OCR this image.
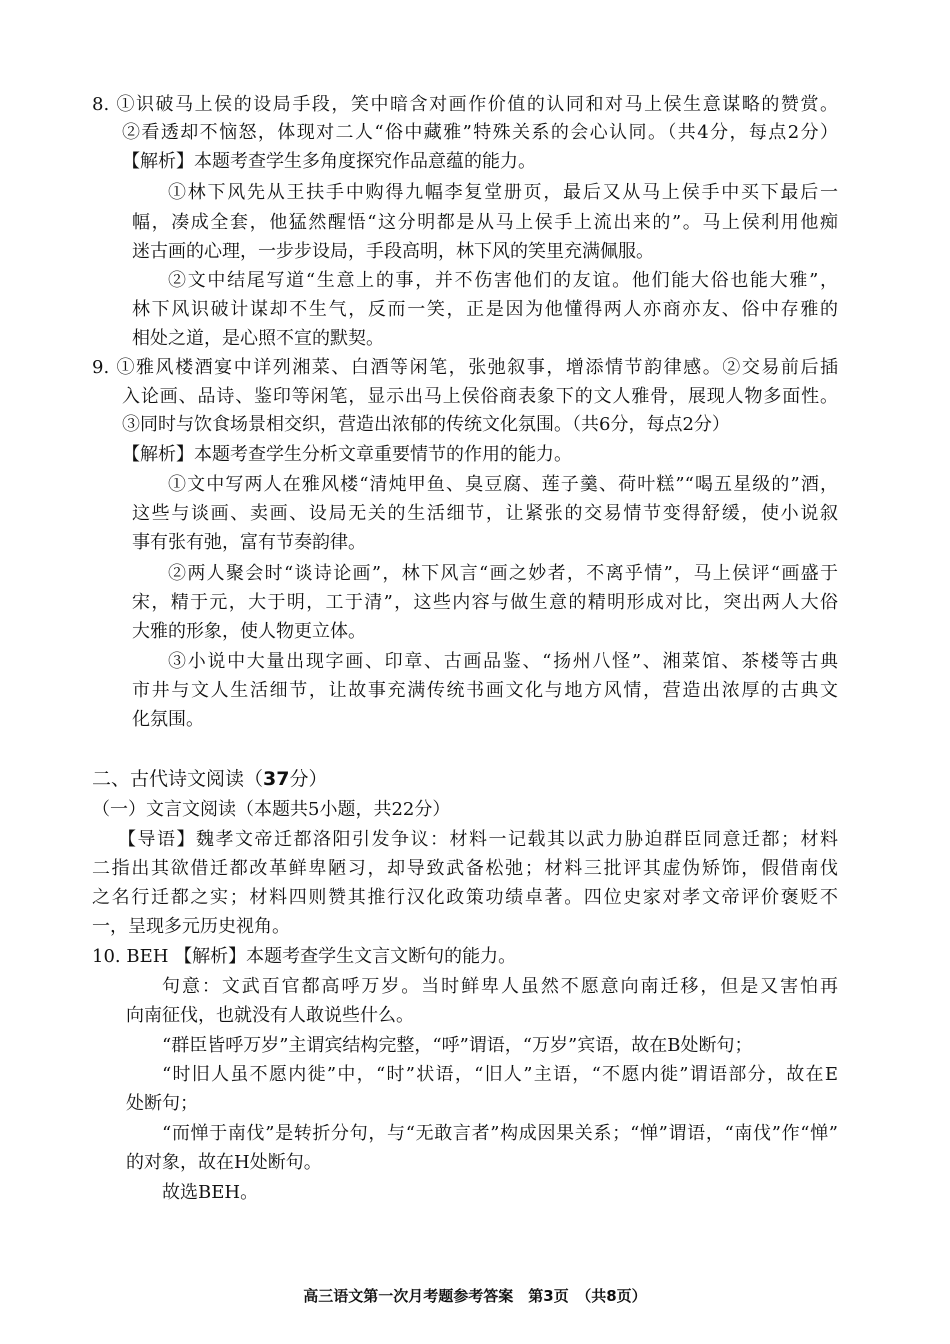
8. ①识破马上侯的设局手段，笑中暗含对画作价值的认同和对马上侯生意谋略的赞赏。
②看透却不恼怒，体现对二人“俗中藏雅”特殊关系的会心认同。（共4分，每点2分）
【解析】本题考查学生多角度探究作品意蕴的能力。
①林下风先从王扶手中购得九幅李复堂册页，最后又从马上侯手中买下最后一
幅，凑成全套，他猛然醒悟“这分明都是从马上侯手上流出来的”。马上侯利用他痴
迷古画的心理，一步步设局，手段高明，林下风的笑里充满佩服。
②文中结尾写道“生意上的事，并不伤害他们的友谊。他们能大俗也能大雅”，
林下风识破计谋却不生气，反而一笑，正是因为他懂得两人亦商亦友、俗中存雅的
相处之道，是心照不宣的默契。
9. ①雅风楼酒宴中详列湘菜、白酒等闲笔，张弛叙事，增添情节韵律感。②交易前后插
入论画、品诗、鉴印等闲笔，显示出马上侯俗商表象下的文人雅骨，展现人物多面性。
③同时与饮食场景相交织，营造出浓郁的传统文化氛围。（共6分，每点2分）
【解析】本题考查学生分析文章重要情节的作用的能力。
①文中写两人在雅风楼“清炖甲鱼、臭豆腐、莲子羹、荷叶糕”“喝五星级的”酒，
这些与谈画、卖画、设局无关的生活细节，让紧张的交易情节变得舒缓，使小说叙
事有张有弛，富有节奏韵律。
②两人聚会时“谈诗论画”，林下风言“画之妙者，不离乎情”，马上侯评“画盛于
宋，精于元，大于明，工于清”，这些内容与做生意的精明形成对比，突出两人大俗
大雅的形象，使人物更立体。
③小说中大量出现字画、印章、古画品鉴、“扬州八怪”、湘菜馆、茶楼等古典
市井与文人生活细节，让故事充满传统书画文化与地方风情，营造出浓厚的古典文
化氛围。
二、古代诗文阅读（37分）
（一）文言文阅读（本题共5小题，共22分）
【导语】魏孝文帝迁都洛阳引发争议：材料一记载其以武力胁迫群臣同意迁都；材料
二指出其欲借迁都改革鲜卑陋习，却导致武备松弛；材料三批评其虚伪矫饰，假借南伐
之名行迁都之实；材料四则赞其推行汉化政策功绩卓著。四位史家对孝文帝评价褒贬不
一，呈现多元历史视角。
10. BEH 【解析】本题考查学生文言文断句的能力。
句意：文武百官都高呼万岁。当时鲜卑人虽然不愿意向南迁移，但是又害怕再
向南征伐，也就没有人敢说些什么。
“群臣皆呼万岁”主谓宾结构完整，“呼”谓语，“万岁”宾语，故在B处断句；
“时旧人虽不愿内徙”中，“时”状语，“旧人”主语，“不愿内徙”谓语部分，故在E
处断句；
“而惮于南伐”是转折分句，与“无敢言者”构成因果关系；“惮”谓语，“南伐”作“惮”
的对象，故在H处断句。
故选BEH。
高三语文第一次月考题参考答案　第3页　（共8页）
